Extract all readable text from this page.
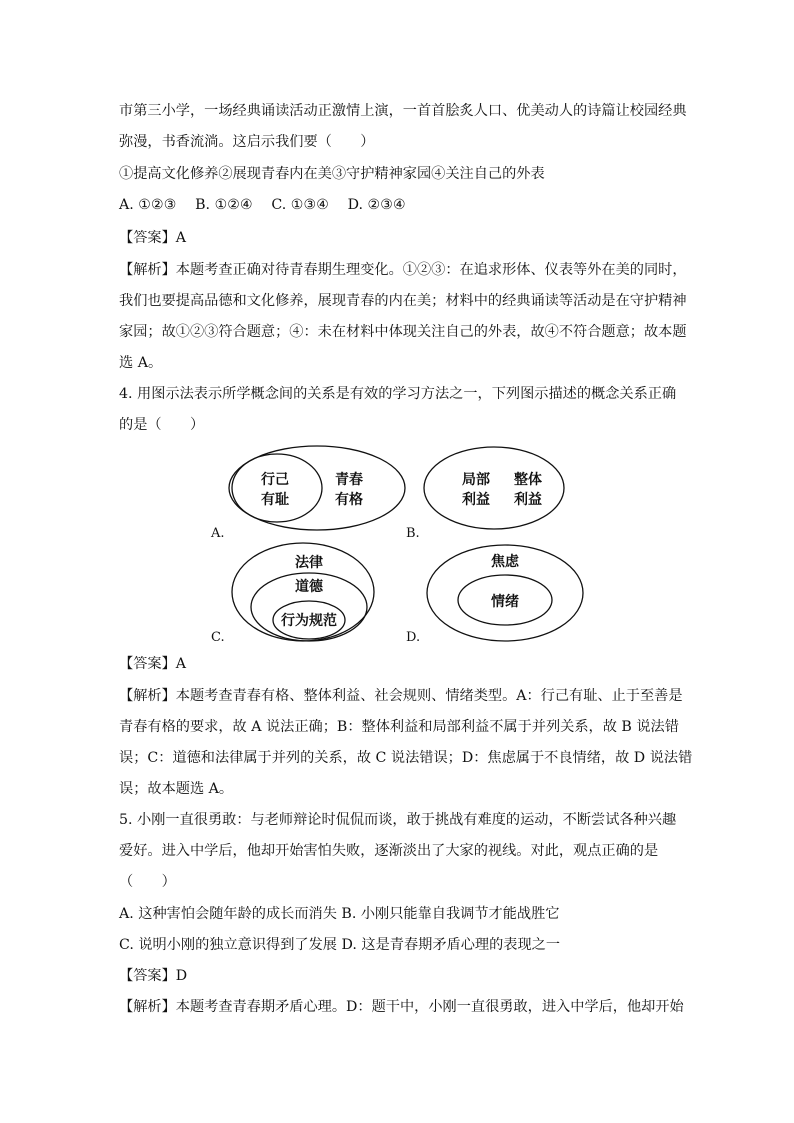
市第三小学，一场经典诵读活动正激情上演，一首首脍炙人口、优美动人的诗篇让校园经典
弥漫，书香流淌。这启示我们要（　　）
①提高文化修养②展现青春内在美③守护精神家园④关注自己的外表
A. ①②③　 B. ①②④　 C. ①③④　 D. ②③④
【答案】A
【解析】本题考查正确对待青春期生理变化。①②③：在追求形体、仪表等外在美的同时，
我们也要提高品德和文化修养，展现青春的内在美；材料中的经典诵读等活动是在守护精神
家园；故①②③符合题意；④：未在材料中体现关注自己的外表，故④不符合题意；故本题
选 A。
4. 用图示法表示所学概念间的关系是有效的学习方法之一，下列图示描述的概念关系正确
的是（　　）
行己
有耻
青春
有格
局部
利益
整体
利益
法律
道德
行为规范
焦虑
情绪
A.	B.
C.	D.
【答案】A
【解析】本题考查青春有格、整体利益、社会规则、情绪类型。A：行己有耻、止于至善是
青春有格的要求，故 A 说法正确；B：整体利益和局部利益不属于并列关系，故 B 说法错
误；C：道德和法律属于并列的关系，故 C 说法错误；D：焦虑属于不良情绪，故 D 说法错
误；故本题选 A。
5. 小刚一直很勇敢：与老师辩论时侃侃而谈，敢于挑战有难度的运动，不断尝试各种兴趣
爱好。进入中学后，他却开始害怕失败，逐渐淡出了大家的视线。对此，观点正确的是
（　　）
A. 这种害怕会随年龄的成长而消失 B. 小刚只能靠自我调节才能战胜它
C. 说明小刚的独立意识得到了发展 D. 这是青春期矛盾心理的表现之一
【答案】D
【解析】本题考查青春期矛盾心理。D：题干中，小刚一直很勇敢，进入中学后，他却开始
